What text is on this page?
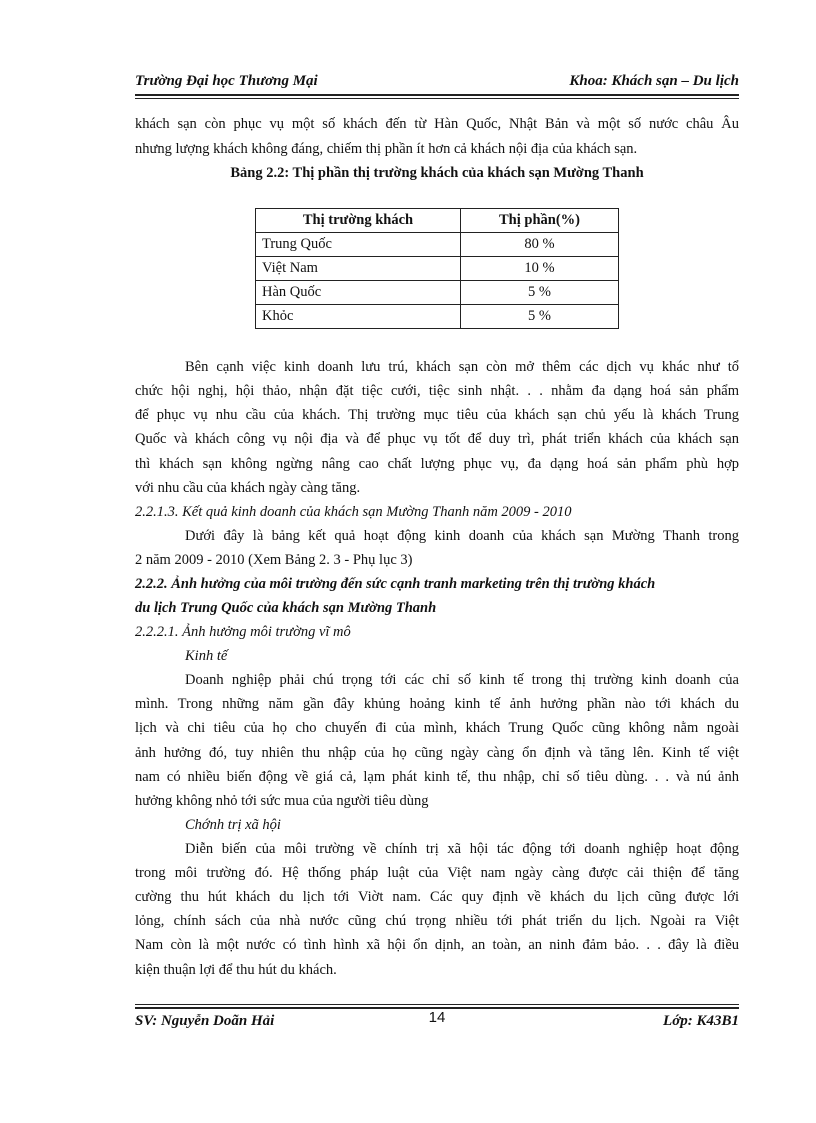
Trường Đại học Thương Mại	Khoa: Khách sạn – Du lịch
khách sạn còn phục vụ một số khách đến từ Hàn Quốc, Nhật Bản và một số nước châu Âu
nhưng lượng khách không đáng, chiếm thị phần ít hơn cả khách nội địa của khách sạn.
Bảng 2.2: Thị phần thị trường khách của khách sạn Mường Thanh
Thị trường khách	Thị phần(%)
Trung Quốc	80 %
Việt Nam	10 %
Hàn Quốc	5 %
Khỏc	5 %
Bên cạnh việc kinh doanh lưu trú, khách sạn còn mở thêm các dịch vụ khác như tổ
chức hội nghị, hội thảo, nhận đặt tiệc cưới, tiệc sinh nhật. . . nhằm đa dạng hoá sản phẩm
để phục vụ nhu cầu của khách. Thị trường mục tiêu của khách sạn chủ yếu là khách Trung
Quốc và khách công vụ nội địa và để phục vụ tốt để duy trì, phát triển khách của khách sạn
thì khách sạn không ngừng nâng cao chất lượng phục vụ, đa dạng hoá sản phẩm phù hợp
với nhu cầu của khách ngày càng tăng.
2.2.1.3. Kết quả kinh doanh của khách sạn Mường Thanh năm 2009 - 2010
Dưới đây là bảng kết quả hoạt động kinh doanh của khách sạn Mường Thanh trong
2 năm 2009 - 2010 (Xem Bảng 2. 3 - Phụ lục 3)
2.2.2. Ảnh hưởng của môi trường đến sức cạnh tranh marketing trên thị trường khách
du lịch Trung Quốc của khách sạn Mường Thanh
2.2.2.1. Ảnh hưởng môi trường vĩ mô
Kinh tế
Doanh nghiệp phải chú trọng tới các chỉ số kinh tế trong thị trường kinh doanh của
mình. Trong những năm gần đây khủng hoảng kinh tế ảnh hưởng phần nào tới khách du
lịch và chi tiêu của họ cho chuyến đi của mình, khách Trung Quốc cũng không nằm ngoài
ảnh hưởng đó, tuy nhiên thu nhập của họ cũng ngày càng ổn định và tăng lên. Kinh tế việt
nam có nhiều biến động về giá cả, lạm phát kinh tế, thu nhập, chỉ số tiêu dùng. . . và nú ảnh
hưởng không nhỏ tới sức mua của người tiêu dùng
Chớnh trị xã hội
Diễn biến của môi trường về chính trị xã hội tác động tới doanh nghiệp hoạt động
trong môi trường đó. Hệ thống pháp luật của Việt nam ngày càng được cải thiện để tăng
cường thu hút khách du lịch tới Viờt nam. Các quy định về khách du lịch cũng được lới
lỏng, chính sách của nhà nước cũng chú trọng nhiều tới phát triển du lịch. Ngoài ra Việt
Nam còn là một nước có tình hình xã hội ổn dịnh, an toàn, an ninh đảm bảo. . . đây là điều
kiện thuận lợi để thu hút du khách.
SV: Nguyễn Doãn Hải	14	Lớp: K43B1
